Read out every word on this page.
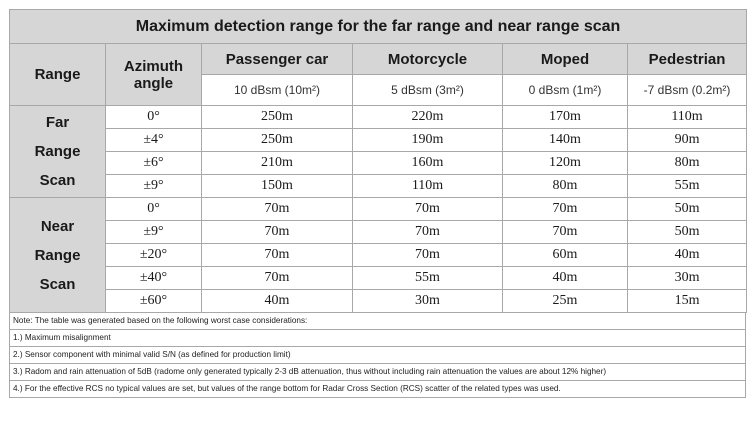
Maximum detection range for the far range and near range scan					
Range	Azimuth
angle	Passenger car	Motorcycle	Moped	Pedestrian
		10 dBsm (10m²)	5 dBsm (3m²)	0 dBsm (1m²)	-7 dBsm (0.2m²)

Far
Range
Scan	0°	250m	220m	170m	110m
	±4°	250m	190m	140m	90m
	±6°	210m	160m	120m	80m
	±9°	150m	110m	80m	55m

Near
Range
Scan	0°	70m	70m	70m	50m
	±9°	70m	70m	70m	50m
	±20°	70m	70m	60m	40m
	±40°	70m	55m	40m	30m
	±60°	40m	30m	25m	15m
Note: The table was generated based on the following worst case considerations:
1.) Maximum misalignment
2.) Sensor component with minimal valid S/N (as defined for production limit)
3.) Radom and rain attenuation of 5dB (radome only generated typically 2-3 dB attenuation, thus without including rain attenuation the values are about 12% higher)
4.) For the effective RCS no typical values are set, but values of the range bottom for Radar Cross Section (RCS) scatter of the related types was used.
